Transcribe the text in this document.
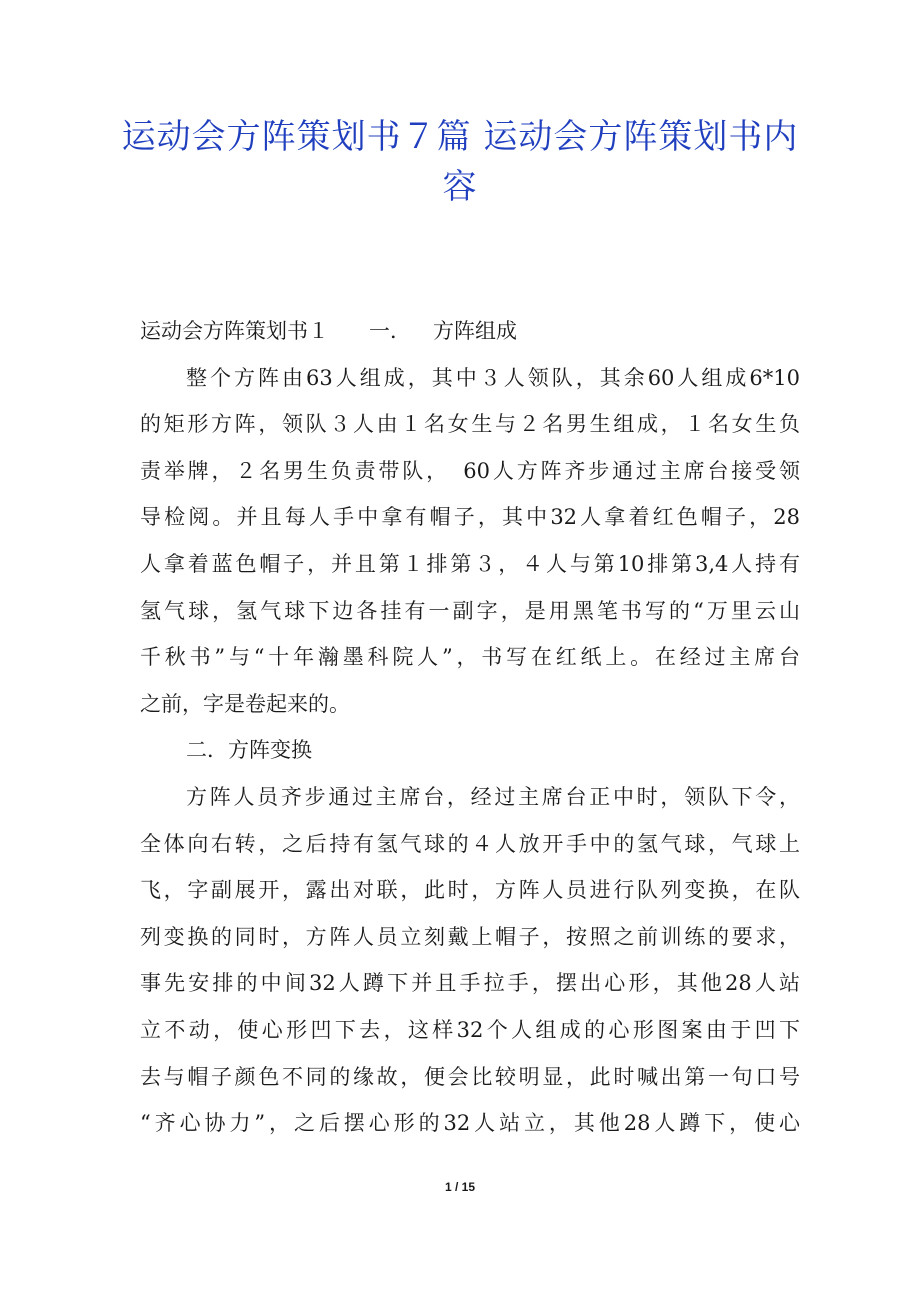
运动会方阵策划书７篇 运动会方阵策划书内容
运动会方阵策划书１ 一． 方阵组成
整个方阵由63人组成，其中３人领队，其余60人组成6*10
的矩形方阵，领队３人由１名女生与２名男生组成，１名女生负
责举牌，２名男生负责带队，　60人方阵齐步通过主席台接受领
导检阅。并且每人手中拿有帽子，其中32人拿着红色帽子，28
人拿着蓝色帽子，并且第１排第３，４人与第10排第3,4人持有
氢气球，氢气球下边各挂有一副字，是用黑笔书写的“万里云山
千秋书”与“十年瀚墨科院人”，书写在红纸上。在经过主席台
之前，字是卷起来的。
二．方阵变换
方阵人员齐步通过主席台，经过主席台正中时，领队下令，
全体向右转，之后持有氢气球的４人放开手中的氢气球，气球上
飞，字副展开，露出对联，此时，方阵人员进行队列变换，在队
列变换的同时，方阵人员立刻戴上帽子，按照之前训练的要求，
事先安排的中间32人蹲下并且手拉手，摆出心形，其他28人站
立不动，使心形凹下去，这样32个人组成的心形图案由于凹下
去与帽子颜色不同的缘故，便会比较明显，此时喊出第一句口号
“齐心协力”，之后摆心形的32人站立，其他28人蹲下，使心
1 / 15
